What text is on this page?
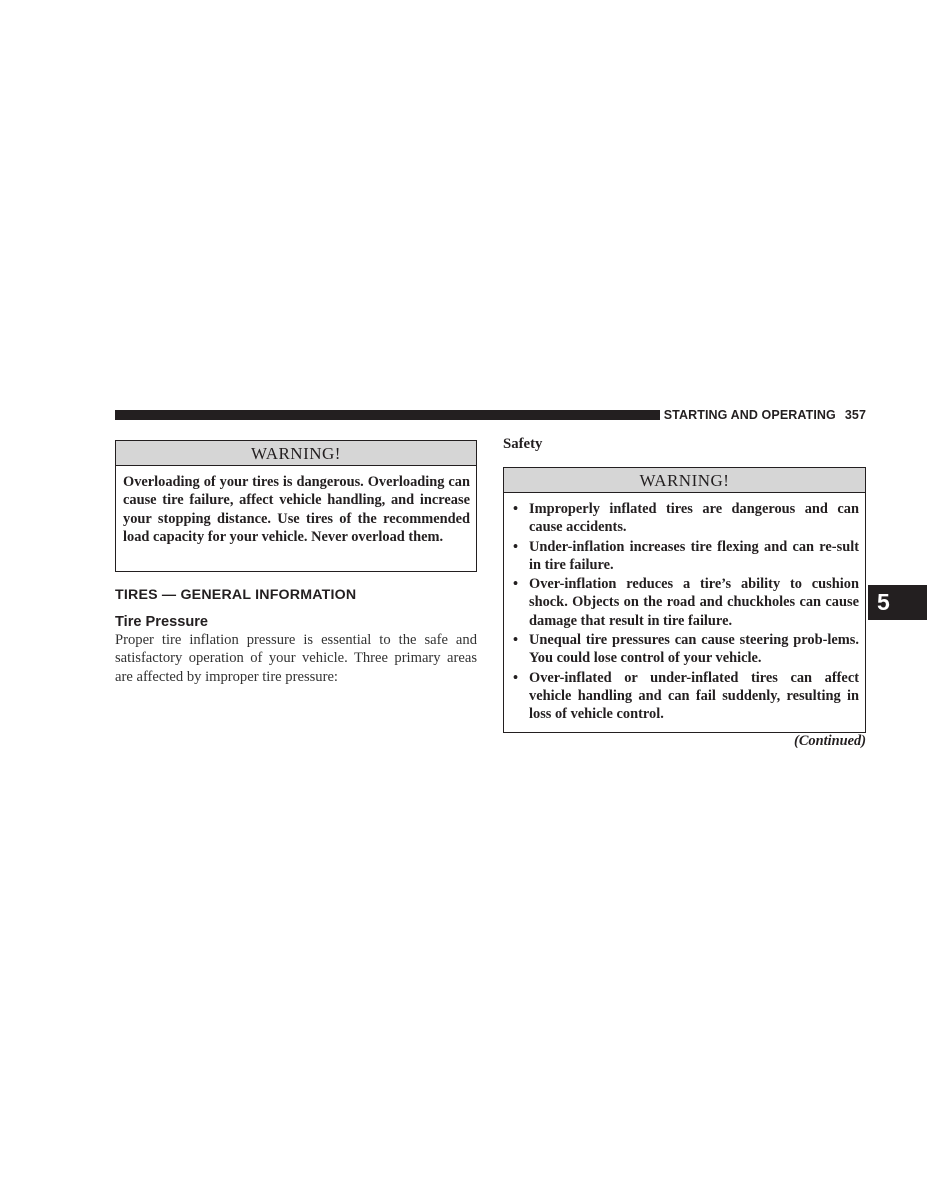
STARTING AND OPERATING 357
5
WARNING!
Overloading of your tires is dangerous. Overloading can cause tire failure, affect vehicle handling, and increase your stopping distance. Use tires of the recommended load capacity for your vehicle. Never overload them.
TIRES — GENERAL INFORMATION
Tire Pressure
Proper tire inflation pressure is essential to the safe and satisfactory operation of your vehicle. Three primary areas are affected by improper tire pressure:
Safety
WARNING!
• Improperly inflated tires are dangerous and can cause accidents.
• Under-inflation increases tire flexing and can re-sult in tire failure.
• Over-inflation reduces a tire’s ability to cushion shock. Objects on the road and chuckholes can cause damage that result in tire failure.
• Unequal tire pressures can cause steering prob-lems. You could lose control of your vehicle.
• Over-inflated or under-inflated tires can affect vehicle handling and can fail suddenly, resulting in loss of vehicle control.
(Continued)
